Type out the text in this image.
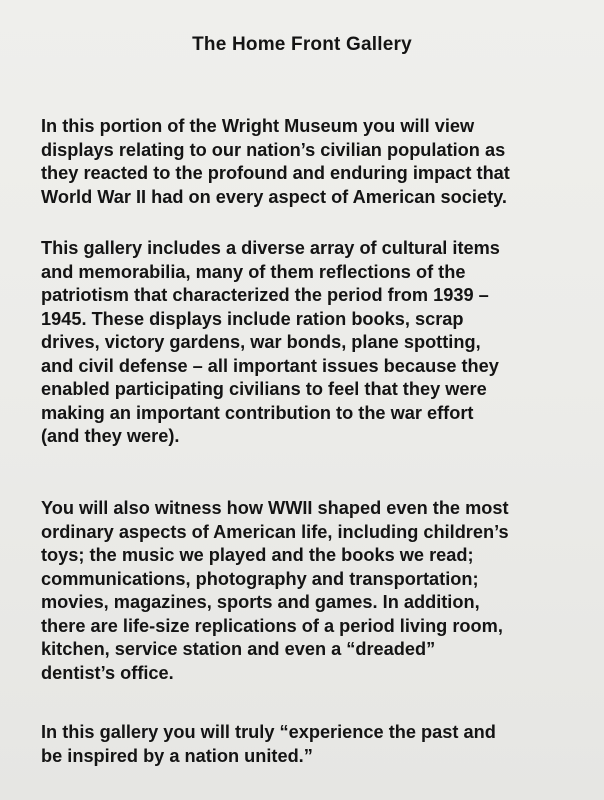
The Home Front Gallery

In this portion of the Wright Museum you will view
displays relating to our nation’s civilian population as
they reacted to the profound and enduring impact that
World War II had on every aspect of American society.

This gallery includes a diverse array of cultural items
and memorabilia, many of them reflections of the
patriotism that characterized the period from 1939 –
1945. These displays include ration books, scrap
drives, victory gardens, war bonds, plane spotting,
and civil defense – all important issues because they
enabled participating civilians to feel that they were
making an important contribution to the war effort
(and they were).

You will also witness how WWII shaped even the most
ordinary aspects of American life, including children’s
toys; the music we played and the books we read;
communications, photography and transportation;
movies, magazines, sports and games. In addition,
there are life-size replications of a period living room,
kitchen, service station and even a “dreaded”
dentist’s office.

In this gallery you will truly “experience the past and
be inspired by a nation united.”
